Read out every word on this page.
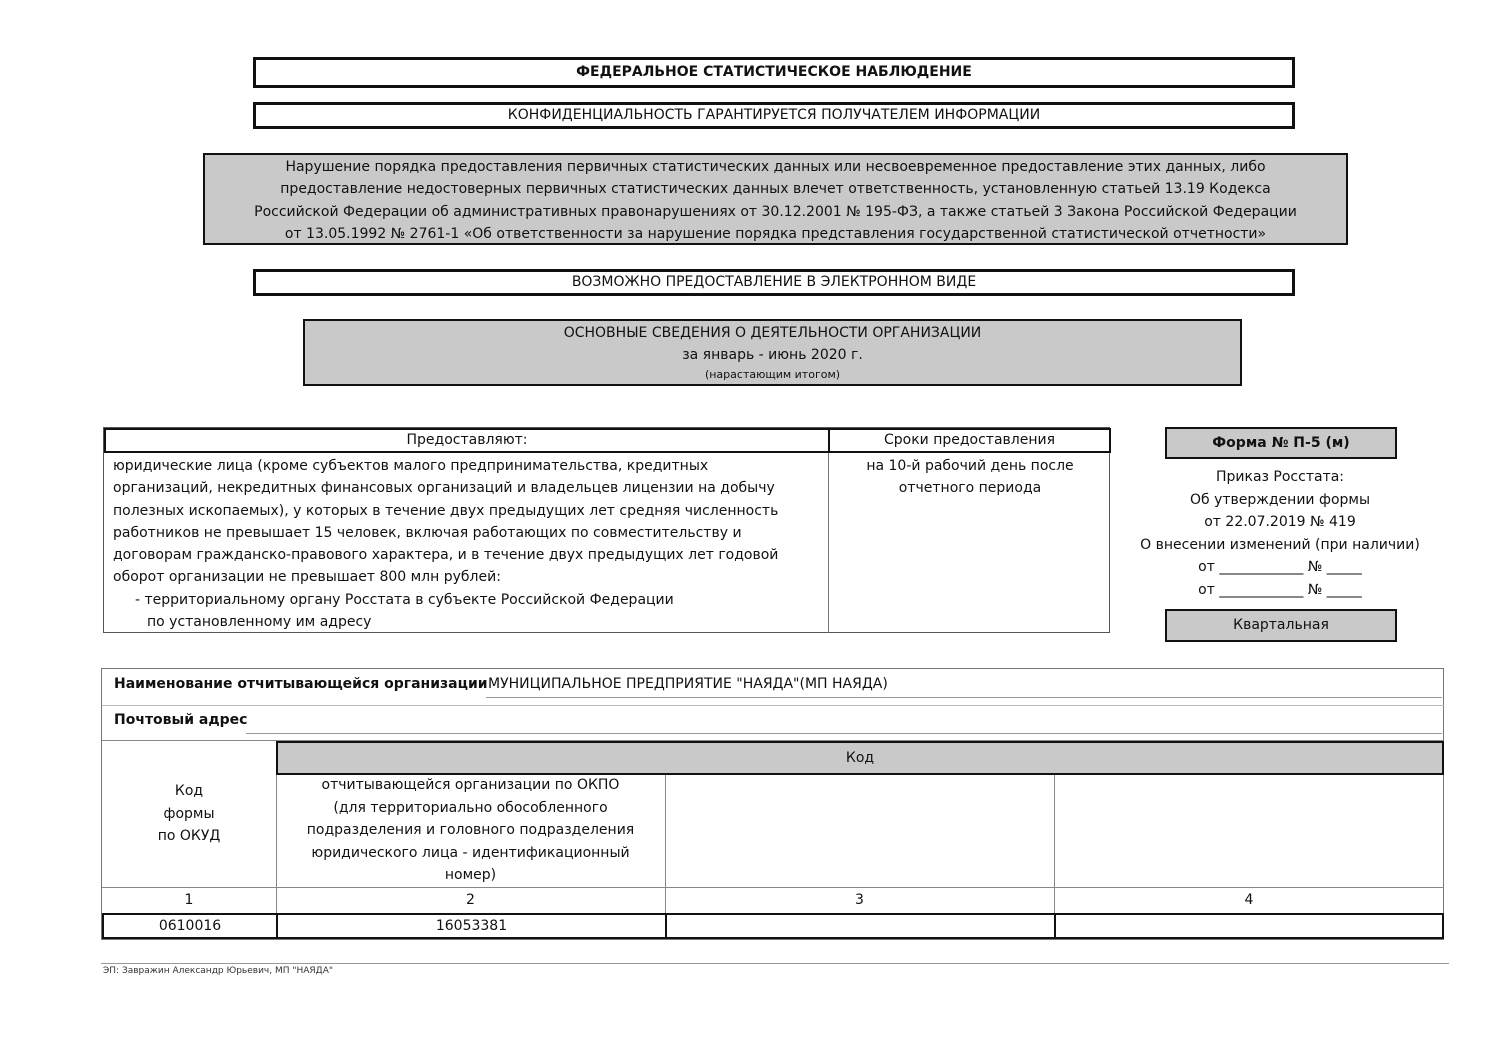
ФЕДЕРАЛЬНОЕ СТАТИСТИЧЕСКОЕ НАБЛЮДЕНИЕ
КОНФИДЕНЦИАЛЬНОСТЬ ГАРАНТИРУЕТСЯ ПОЛУЧАТЕЛЕМ ИНФОРМАЦИИ
Нарушение порядка предоставления первичных статистических данных или несвоевременное предоставление этих данных, либо
предоставление недостоверных первичных статистических данных влечет ответственность, установленную статьей 13.19 Кодекса
Российской Федерации об административных правонарушениях от 30.12.2001 № 195-ФЗ, а также статьей 3 Закона Российской Федерации
от 13.05.1992 № 2761-1 «Об ответственности за нарушение порядка представления государственной статистической отчетности»
ВОЗМОЖНО ПРЕДОСТАВЛЕНИЕ В ЭЛЕКТРОННОМ ВИДЕ
ОСНОВНЫЕ СВЕДЕНИЯ О ДЕЯТЕЛЬНОСТИ ОРГАНИЗАЦИИ
за январь - июнь 2020 г.
(нарастающим итогом)
Предоставляют:	Сроки предоставления
юридические лица (кроме субъектов малого предпринимательства, кредитных
организаций, некредитных финансовых организаций и владельцев лицензии на добычу
полезных ископаемых), у которых в течение двух предыдущих лет средняя численность
работников не превышает 15 человек, включая работающих по совместительству и
договорам гражданско-правового характера, и в течение двух предыдущих лет годовой
оборот организации не превышает 800 млн рублей:
- территориальному органу Росстата в субъекте Российской Федерации
по установленному им адресу
на 10-й рабочий день после
отчетного периода
Форма № П-5 (м)
Приказ Росстата:
Об утверждении формы
от 22.07.2019 № 419
О внесении изменений (при наличии)
от ____________ № _____
от ____________ № _____
Квартальная
Наименование отчитывающейся организации МУНИЦИПАЛЬНОЕ ПРЕДПРИЯТИЕ "НАЯДА"(МП НАЯДА)
Почтовый адрес
Код
Код
формы
по ОКУД
отчитывающейся организации по ОКПО
(для территориально обособленного
подразделения и головного подразделения
юридического лица - идентификационный
номер)
1	2	3	4
0610016	16053381
ЭП: Завражин Александр Юрьевич, МП "НАЯДА"
